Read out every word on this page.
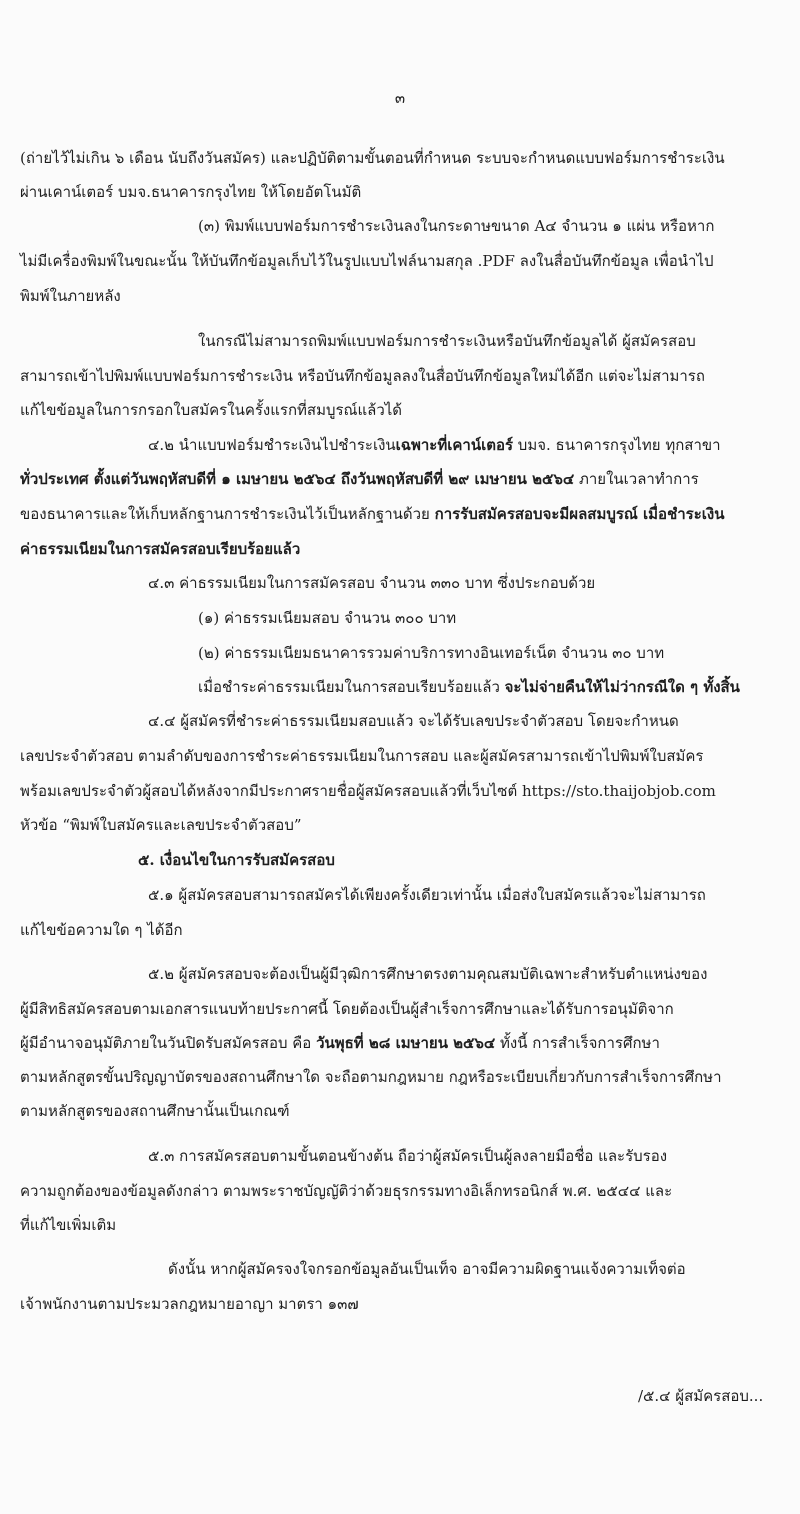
๓
(ถ่ายไว้ไม่เกิน ๖ เดือน นับถึงวันสมัคร) และปฏิบัติตามขั้นตอนที่กำหนด ระบบจะกำหนดแบบฟอร์มการชำระเงิน
ผ่านเคาน์เตอร์ บมจ.ธนาคารกรุงไทย ให้โดยอัตโนมัติ
(๓) พิมพ์แบบฟอร์มการชำระเงินลงในกระดาษขนาด A๔ จำนวน ๑ แผ่น หรือหาก
ไม่มีเครื่องพิมพ์ในขณะนั้น ให้บันทึกข้อมูลเก็บไว้ในรูปแบบไฟล์นามสกุล .PDF ลงในสื่อบันทึกข้อมูล เพื่อนำไป
พิมพ์ในภายหลัง
ในกรณีไม่สามารถพิมพ์แบบฟอร์มการชำระเงินหรือบันทึกข้อมูลได้ ผู้สมัครสอบ
สามารถเข้าไปพิมพ์แบบฟอร์มการชำระเงิน หรือบันทึกข้อมูลลงในสื่อบันทึกข้อมูลใหม่ได้อีก แต่จะไม่สามารถ
แก้ไขข้อมูลในการกรอกใบสมัครในครั้งแรกที่สมบูรณ์แล้วได้
๔.๒ นำแบบฟอร์มชำระเงินไปชำระเงินเฉพาะที่เคาน์เตอร์ บมจ. ธนาคารกรุงไทย ทุกสาขา
ทั่วประเทศ ตั้งแต่วันพฤหัสบดีที่ ๑ เมษายน ๒๕๖๔ ถึงวันพฤหัสบดีที่ ๒๙ เมษายน ๒๕๖๔ ภายในเวลาทำการ
ของธนาคารและให้เก็บหลักฐานการชำระเงินไว้เป็นหลักฐานด้วย การรับสมัครสอบจะมีผลสมบูรณ์ เมื่อชำระเงิน
ค่าธรรมเนียมในการสมัครสอบเรียบร้อยแล้ว
๔.๓ ค่าธรรมเนียมในการสมัครสอบ จำนวน ๓๓๐ บาท ซึ่งประกอบด้วย
(๑) ค่าธรรมเนียมสอบ จำนวน ๓๐๐ บาท
(๒) ค่าธรรมเนียมธนาคารรวมค่าบริการทางอินเทอร์เน็ต จำนวน ๓๐ บาท
เมื่อชำระค่าธรรมเนียมในการสอบเรียบร้อยแล้ว จะไม่จ่ายคืนให้ไม่ว่ากรณีใด ๆ ทั้งสิ้น
๔.๔ ผู้สมัครที่ชำระค่าธรรมเนียมสอบแล้ว จะได้รับเลขประจำตัวสอบ โดยจะกำหนด
เลขประจำตัวสอบ ตามลำดับของการชำระค่าธรรมเนียมในการสอบ และผู้สมัครสามารถเข้าไปพิมพ์ใบสมัคร
พร้อมเลขประจำตัวผู้สอบได้หลังจากมีประกาศรายชื่อผู้สมัครสอบแล้วที่เว็บไซต์ https://sto.thaijobjob.com
หัวข้อ “พิมพ์ใบสมัครและเลขประจำตัวสอบ”
๕. เงื่อนไขในการรับสมัครสอบ
๕.๑ ผู้สมัครสอบสามารถสมัครได้เพียงครั้งเดียวเท่านั้น เมื่อส่งใบสมัครแล้วจะไม่สามารถ
แก้ไขข้อความใด ๆ ได้อีก
๕.๒ ผู้สมัครสอบจะต้องเป็นผู้มีวุฒิการศึกษาตรงตามคุณสมบัติเฉพาะสำหรับตำแหน่งของ
ผู้มีสิทธิสมัครสอบตามเอกสารแนบท้ายประกาศนี้ โดยต้องเป็นผู้สำเร็จการศึกษาและได้รับการอนุมัติจาก
ผู้มีอำนาจอนุมัติภายในวันปิดรับสมัครสอบ คือ วันพุธที่ ๒๘ เมษายน ๒๕๖๔ ทั้งนี้ การสำเร็จการศึกษา
ตามหลักสูตรขั้นปริญญาบัตรของสถานศึกษาใด จะถือตามกฎหมาย กฎหรือระเบียบเกี่ยวกับการสำเร็จการศึกษา
ตามหลักสูตรของสถานศึกษานั้นเป็นเกณฑ์
๕.๓ การสมัครสอบตามขั้นตอนข้างต้น ถือว่าผู้สมัครเป็นผู้ลงลายมือชื่อ และรับรอง
ความถูกต้องของข้อมูลดังกล่าว ตามพระราชบัญญัติว่าด้วยธุรกรรมทางอิเล็กทรอนิกส์ พ.ศ. ๒๕๔๔ และ
ที่แก้ไขเพิ่มเติม
ดังนั้น หากผู้สมัครจงใจกรอกข้อมูลอันเป็นเท็จ อาจมีความผิดฐานแจ้งความเท็จต่อ
เจ้าพนักงานตามประมวลกฎหมายอาญา มาตรา ๑๓๗
/๕.๔ ผู้สมัครสอบ...
